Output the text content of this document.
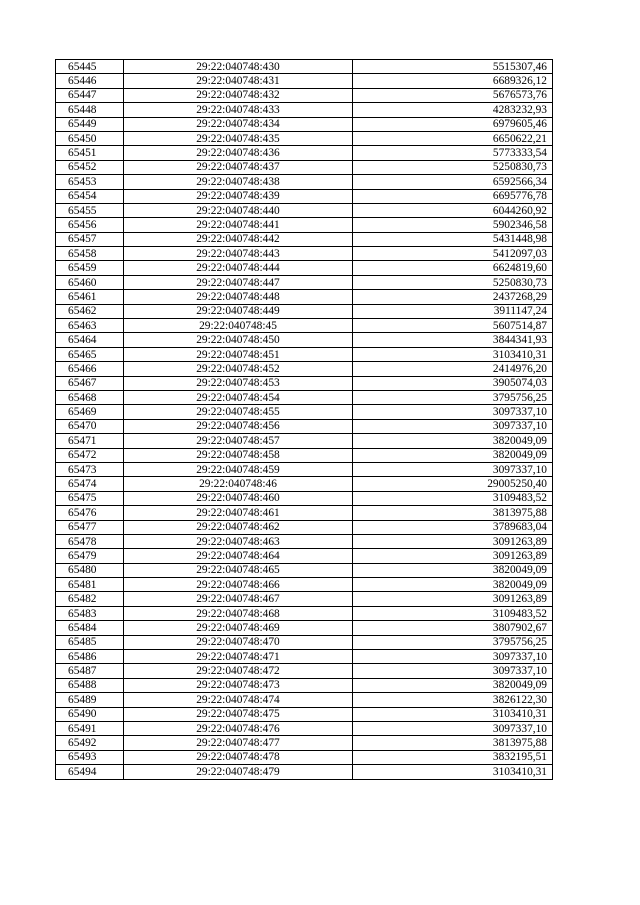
65445	29:22:040748:430	5515307,46
65446	29:22:040748:431	6689326,12
65447	29:22:040748:432	5676573,76
65448	29:22:040748:433	4283232,93
65449	29:22:040748:434	6979605,46
65450	29:22:040748:435	6650622,21
65451	29:22:040748:436	5773333,54
65452	29:22:040748:437	5250830,73
65453	29:22:040748:438	6592566,34
65454	29:22:040748:439	6695776,78
65455	29:22:040748:440	6044260,92
65456	29:22:040748:441	5902346,58
65457	29:22:040748:442	5431448,98
65458	29:22:040748:443	5412097,03
65459	29:22:040748:444	6624819,60
65460	29:22:040748:447	5250830,73
65461	29:22:040748:448	2437268,29
65462	29:22:040748:449	3911147,24
65463	29:22:040748:45	5607514,87
65464	29:22:040748:450	3844341,93
65465	29:22:040748:451	3103410,31
65466	29:22:040748:452	2414976,20
65467	29:22:040748:453	3905074,03
65468	29:22:040748:454	3795756,25
65469	29:22:040748:455	3097337,10
65470	29:22:040748:456	3097337,10
65471	29:22:040748:457	3820049,09
65472	29:22:040748:458	3820049,09
65473	29:22:040748:459	3097337,10
65474	29:22:040748:46	29005250,40
65475	29:22:040748:460	3109483,52
65476	29:22:040748:461	3813975,88
65477	29:22:040748:462	3789683,04
65478	29:22:040748:463	3091263,89
65479	29:22:040748:464	3091263,89
65480	29:22:040748:465	3820049,09
65481	29:22:040748:466	3820049,09
65482	29:22:040748:467	3091263,89
65483	29:22:040748:468	3109483,52
65484	29:22:040748:469	3807902,67
65485	29:22:040748:470	3795756,25
65486	29:22:040748:471	3097337,10
65487	29:22:040748:472	3097337,10
65488	29:22:040748:473	3820049,09
65489	29:22:040748:474	3826122,30
65490	29:22:040748:475	3103410,31
65491	29:22:040748:476	3097337,10
65492	29:22:040748:477	3813975,88
65493	29:22:040748:478	3832195,51
65494	29:22:040748:479	3103410,31
